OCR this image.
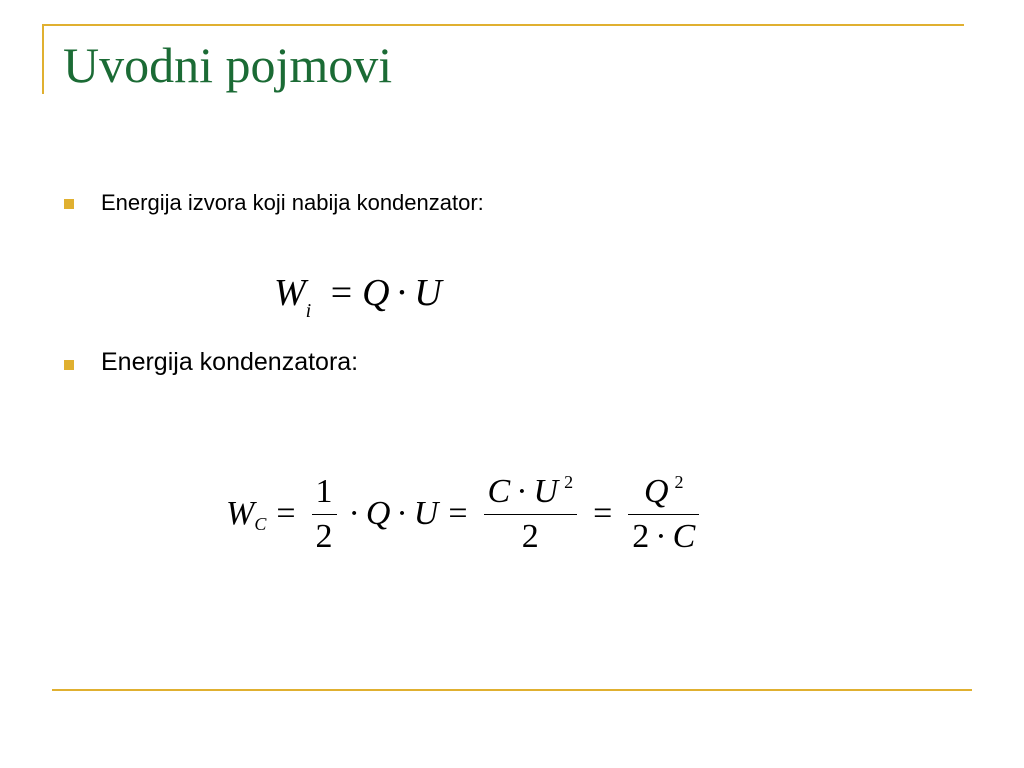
Uvodni pojmovi
Energija izvora koji nabija kondenzator:
$W_i = Q \cdot U$
Energija kondenzatora:
W $C = \frac{1}{2} \cdot Q \cdot U = \frac{C \cdot U ^2}{2} = \frac{Q ^2}{2 \cdot C}$
